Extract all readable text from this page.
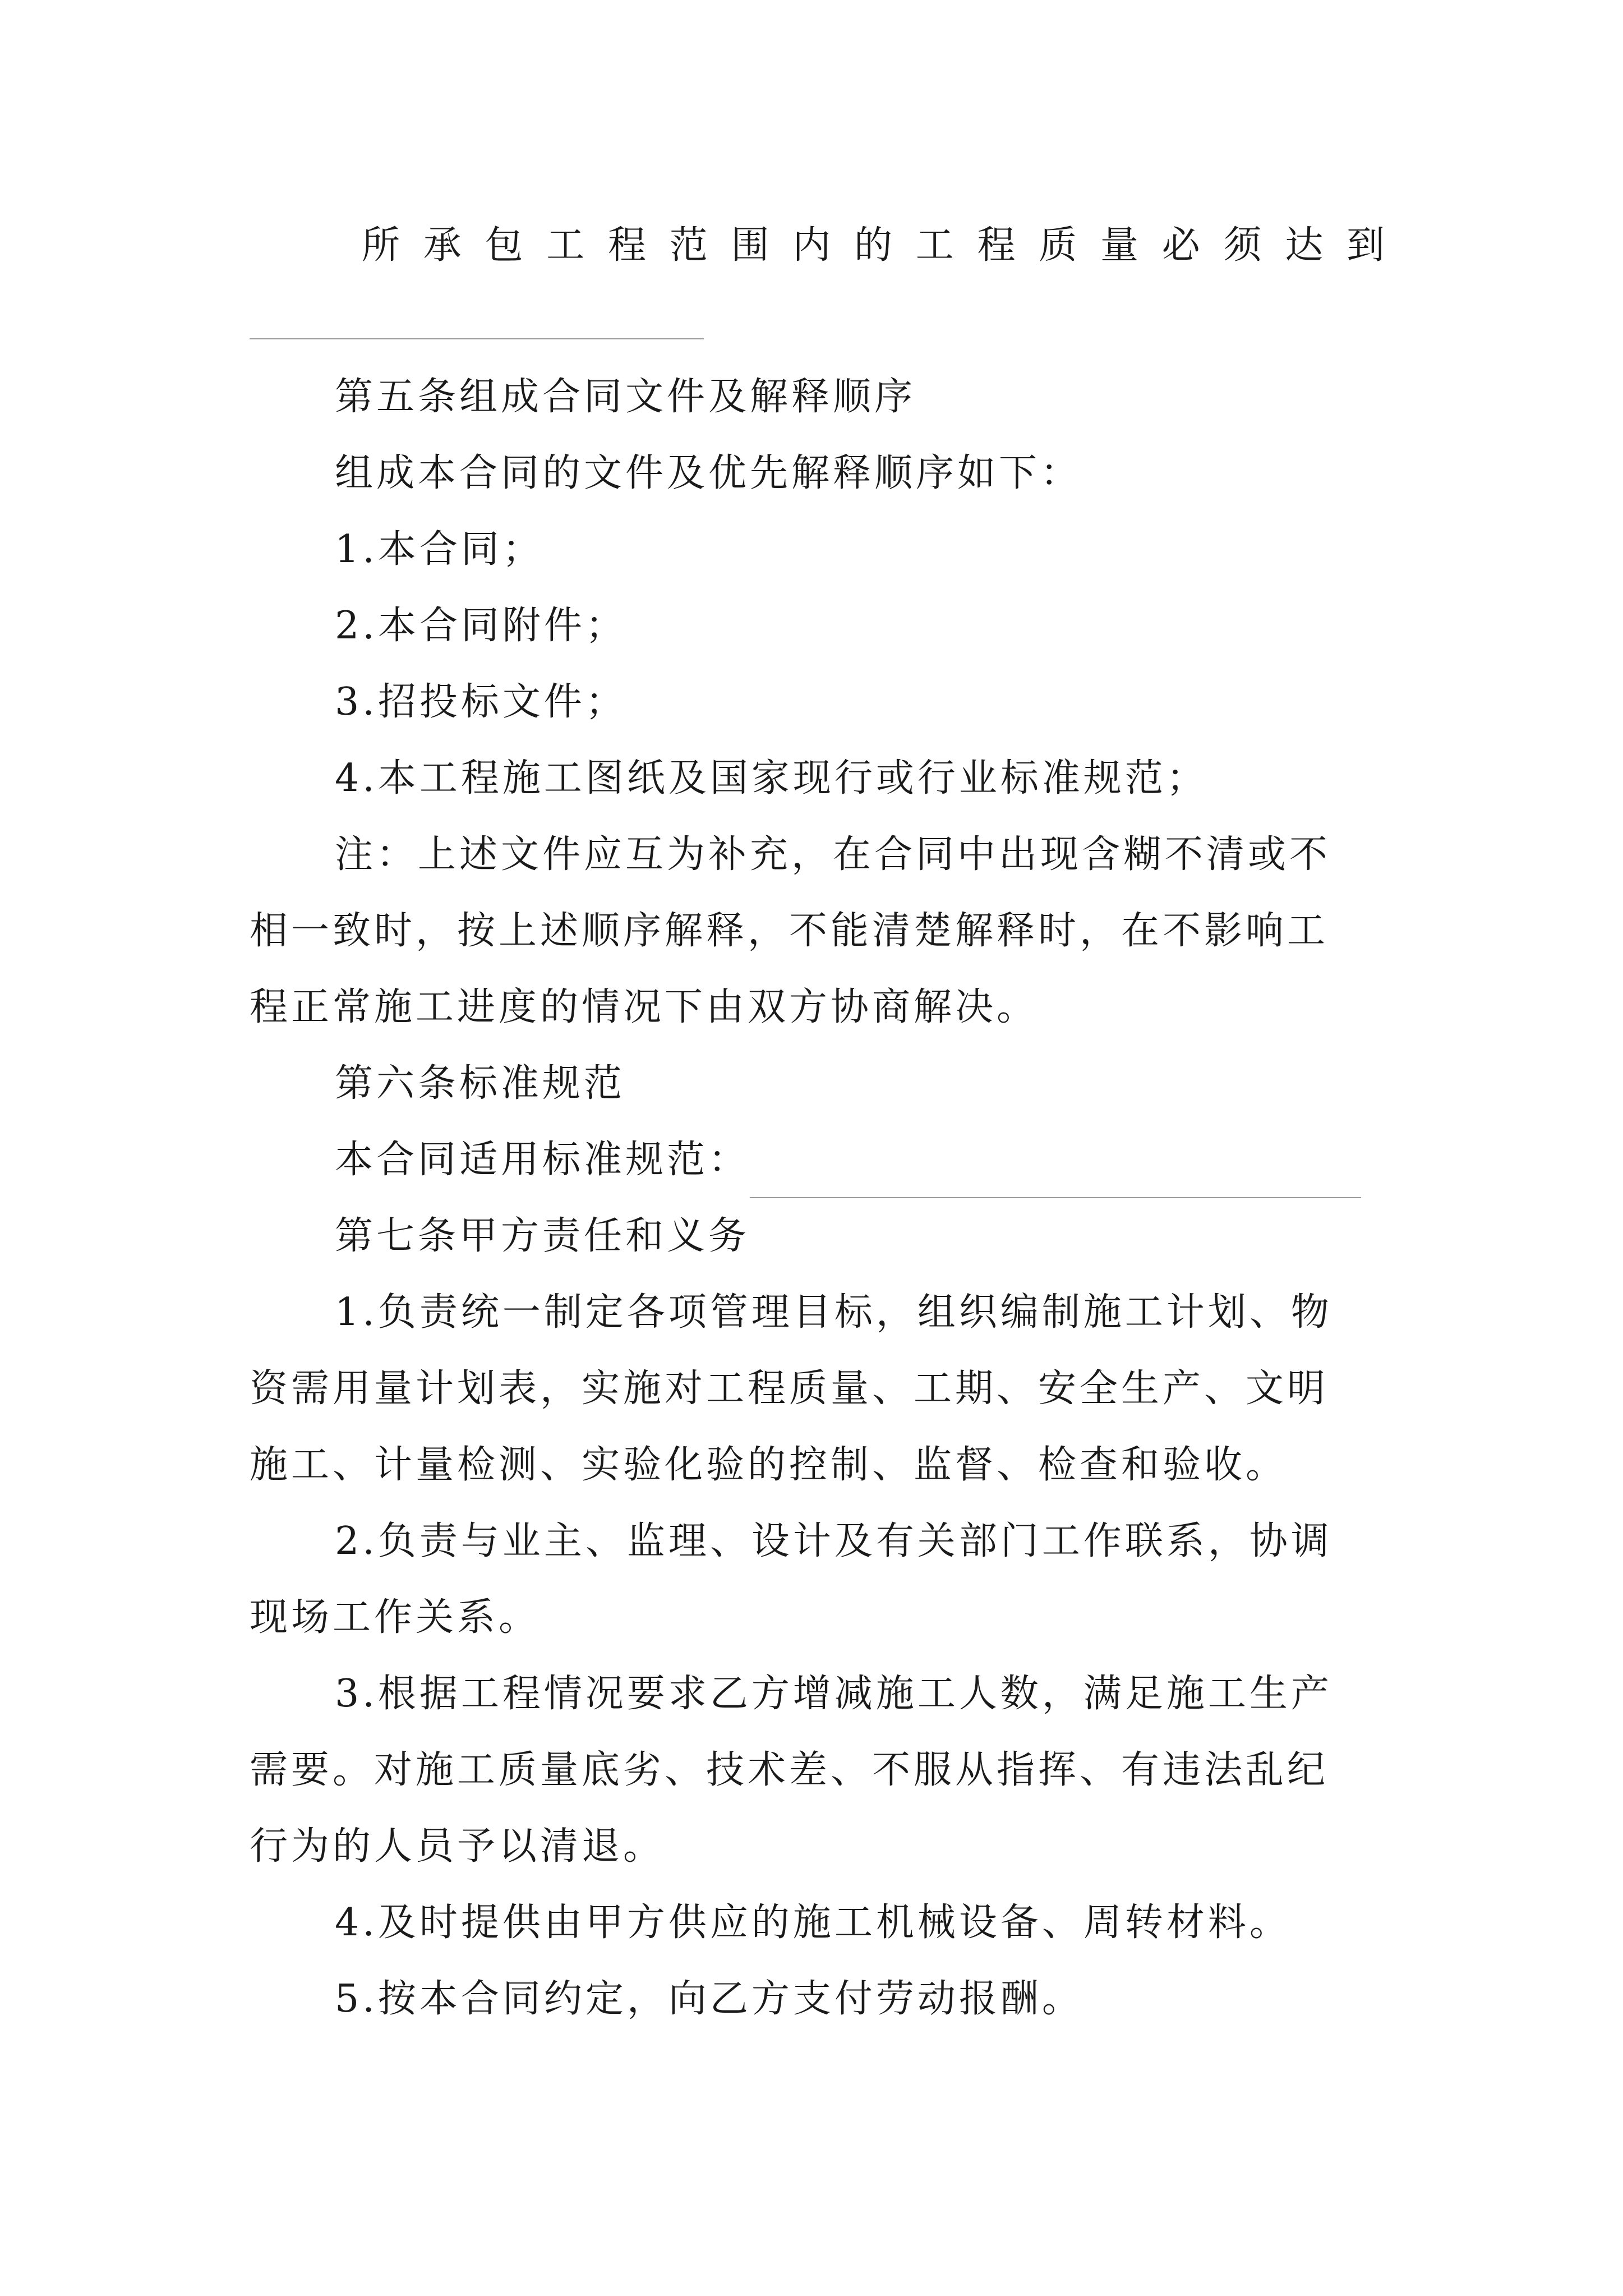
所承包工程范围内的工程质量必须达到
第五条组成合同文件及解释顺序
组成本合同的文件及优先解释顺序如下：
1.本合同；
2.本合同附件；
3.招投标文件；
4.本工程施工图纸及国家现行或行业标准规范；
注：上述文件应互为补充，在合同中出现含糊不清或不
相一致时，按上述顺序解释，不能清楚解释时，在不影响工
程正常施工进度的情况下由双方协商解决。
第六条标准规范
本合同适用标准规范：
第七条甲方责任和义务
1.负责统一制定各项管理目标，组织编制施工计划、物
资需用量计划表，实施对工程质量、工期、安全生产、文明
施工、计量检测、实验化验的控制、监督、检查和验收。
2.负责与业主、监理、设计及有关部门工作联系，协调
现场工作关系。
3.根据工程情况要求乙方增减施工人数，满足施工生产
需要。对施工质量底劣、技术差、不服从指挥、有违法乱纪
行为的人员予以清退。
4.及时提供由甲方供应的施工机械设备、周转材料。
5.按本合同约定，向乙方支付劳动报酬。
